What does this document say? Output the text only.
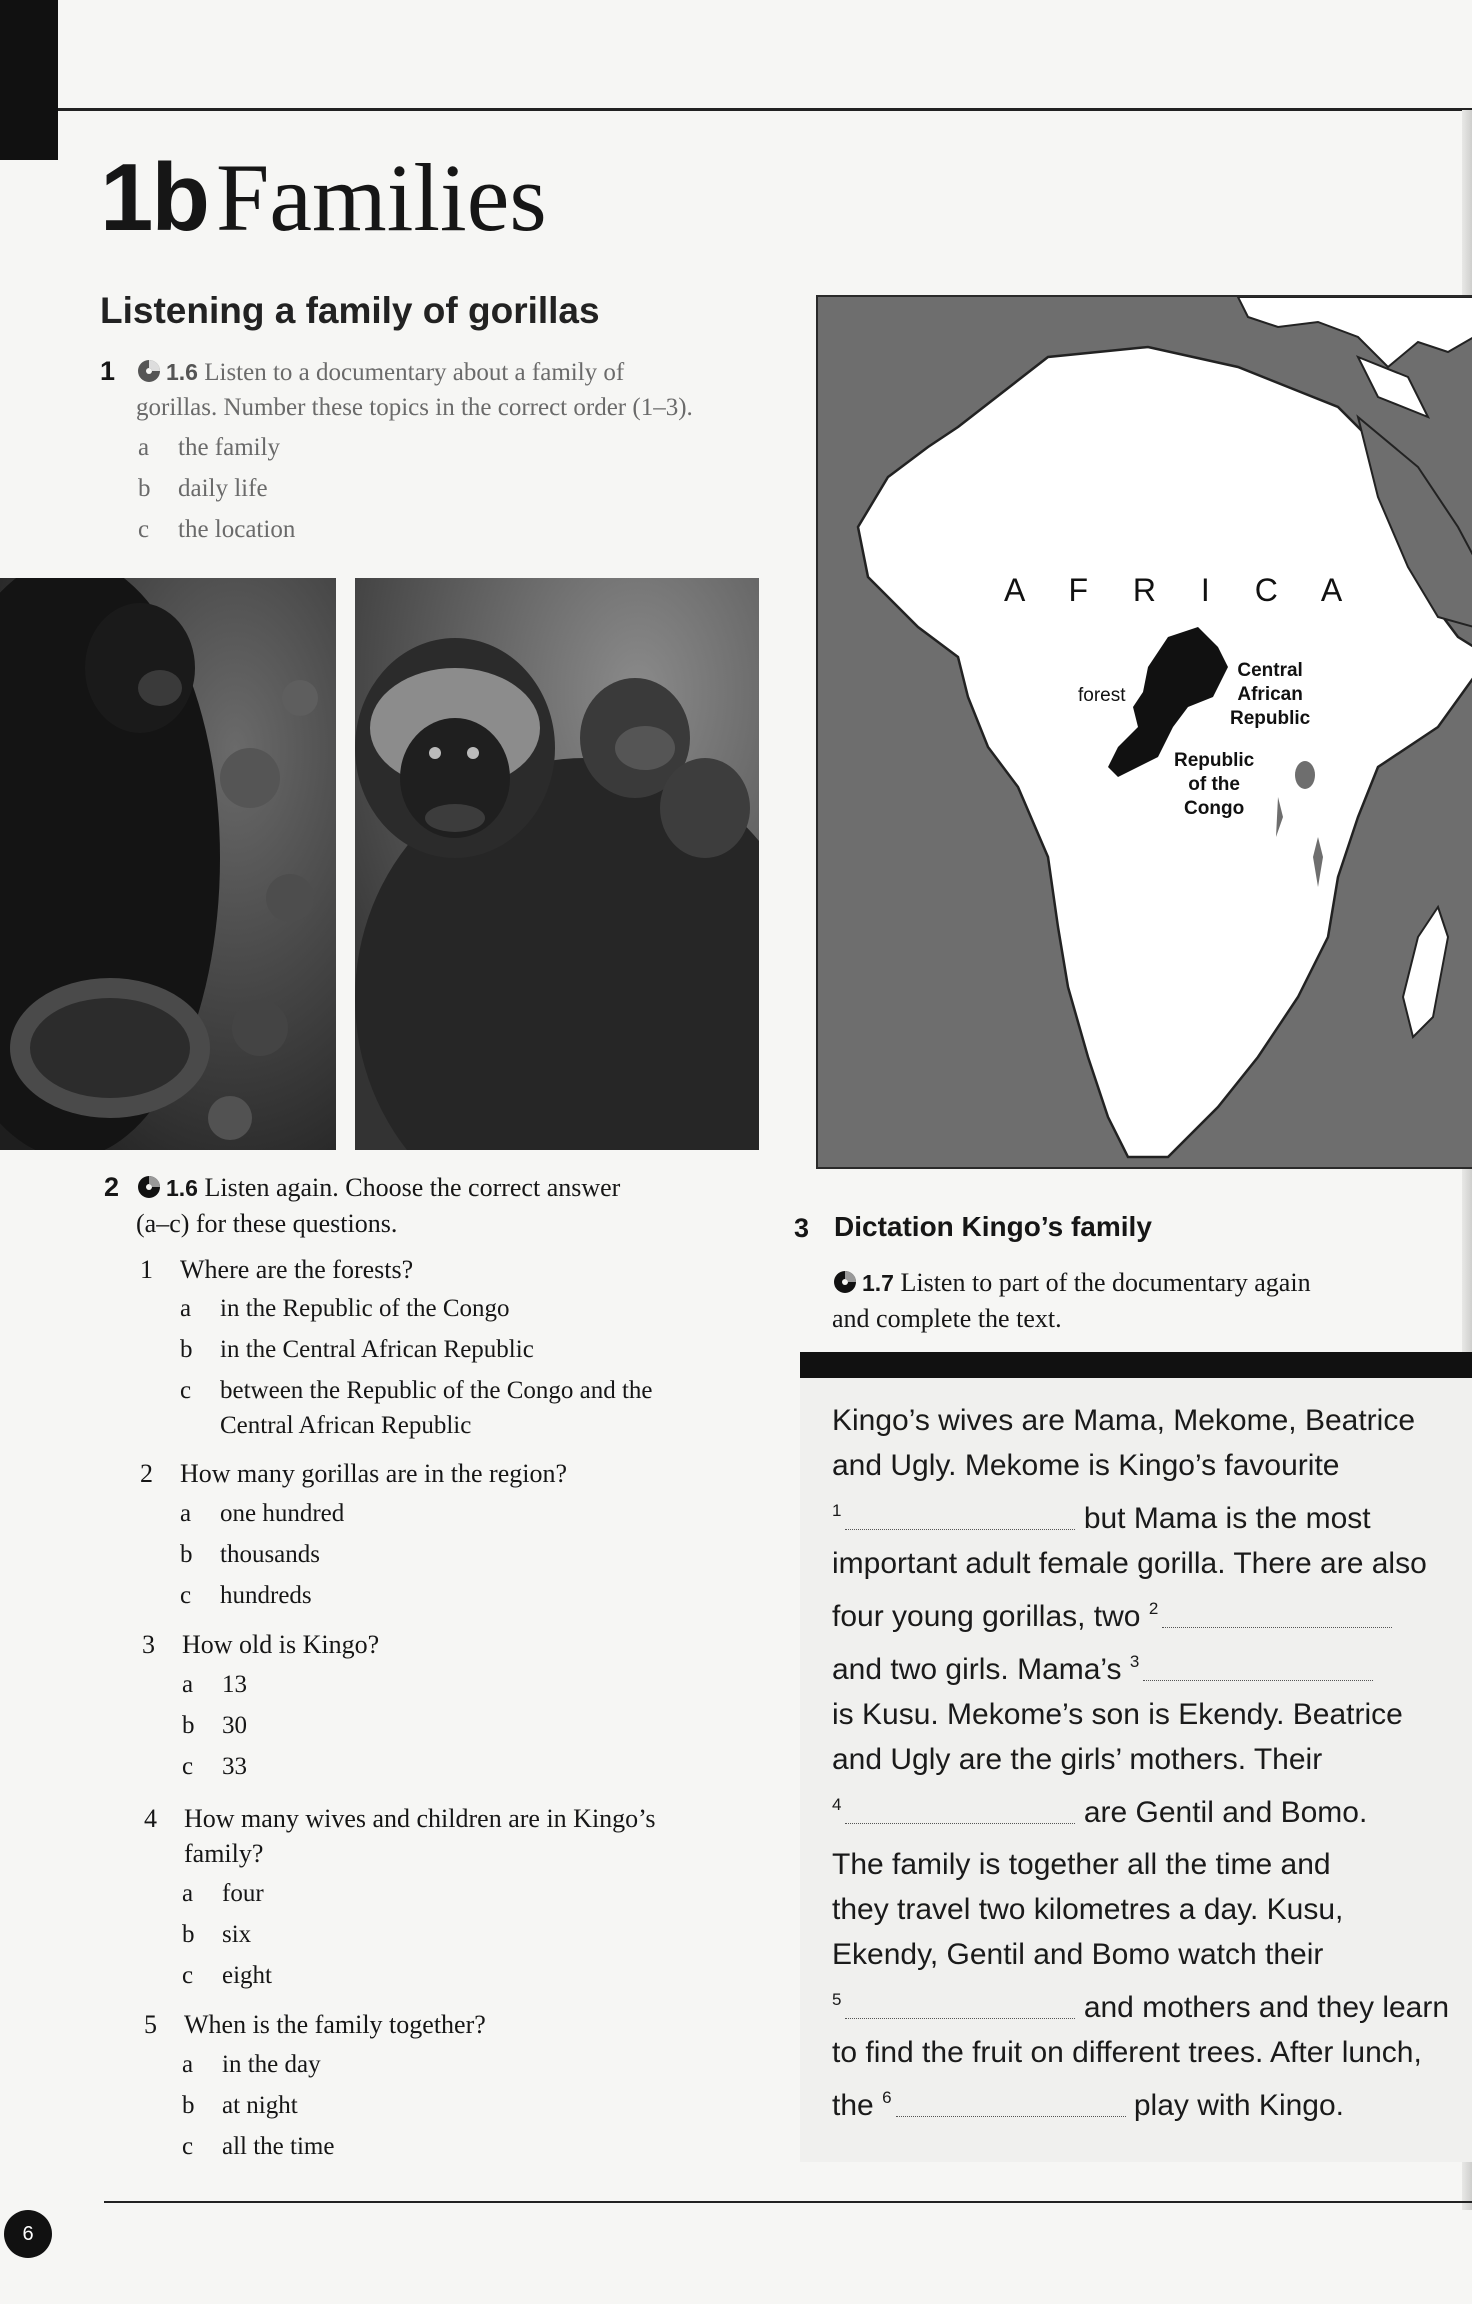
1bFamilies
Listening a family of gorillas
1	1.6 Listen to a documentary about a family of
gorillas. Number these topics in the correct order (1–3).
a the family
b daily life
c the location
A F R I C A
forest
Central
African
Republic
Republic
of the
Congo
2	1.6 Listen again. Choose the correct answer
(a–c) for these questions.
1 Where are the forests?
a in the Republic of the Congo
b in the Central African Republic
c between the Republic of the Congo and the
Central African Republic
2 How many gorillas are in the region?
a one hundred
b thousands
c hundreds
3 How old is Kingo?
a 13
b 30
c 33
4 How many wives and children are in Kingo’s
family?
a four
b six
c eight
5 When is the family together?
a in the day
b at night
c all the time
3 Dictation Kingo’s family
1.7 Listen to part of the documentary again
and complete the text.
Kingo’s wives are Mama, Mekome, Beatrice
and Ugly. Mekome is Kingo’s favourite
$^1$	but Mama is the most
important adult female gorilla. There are also
four young gorillas, two $^2$
and two girls. Mama’s $^3$
is Kusu. Mekome’s son is Ekendy. Beatrice
and Ugly are the girls’ mothers. Their
$^4$	are Gentil and Bomo.
The family is together all the time and
they travel two kilometres a day. Kusu,
Ekendy, Gentil and Bomo watch their
$^5$	and mothers and they learn
to find the fruit on different trees. After lunch,
the $^6$	play with Kingo.
6
